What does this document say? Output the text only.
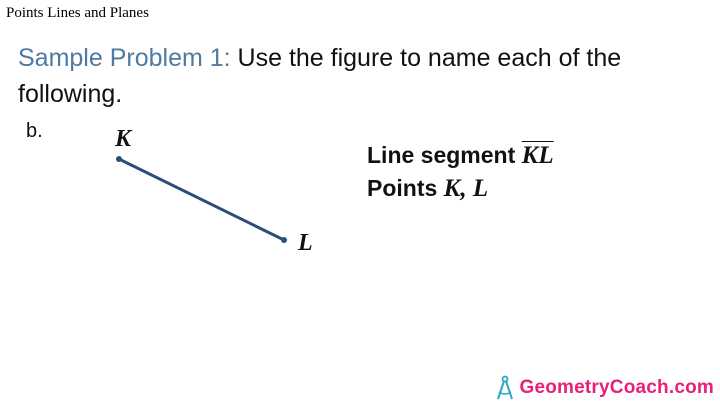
Points Lines and Planes
Sample Problem 1: Use the figure to name each of the following.
b.	K
L
Line segment $\overline{KL}$
Points K, L
GeometryCoach.com
